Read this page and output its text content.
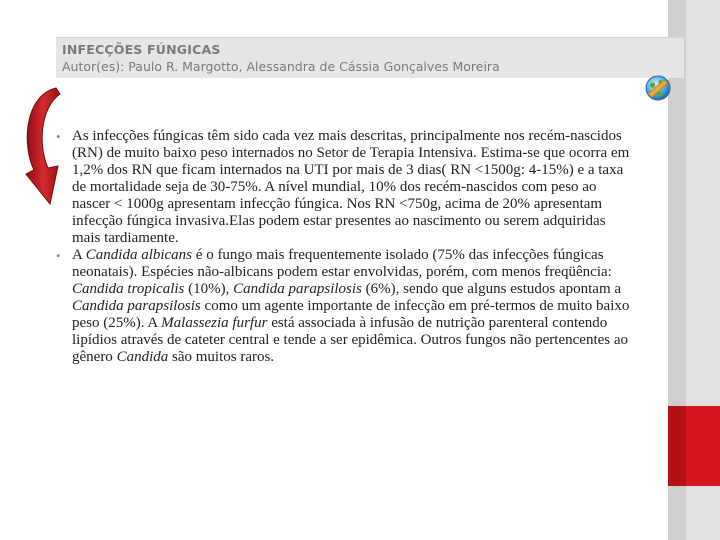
INFECÇÕES FÚNGICAS
Autor(es): Paulo R. Margotto, Alessandra de Cássia Gonçalves Moreira
• As infecções fúngicas têm sido cada vez mais descritas, principalmente nos recém-nascidos (RN) de muito baixo peso internados no Setor de Terapia Intensiva. Estima-se que ocorra em 1,2% dos RN que ficam internados na UTI por mais de 3 dias( RN <1500g: 4-15%) e a taxa de mortalidade seja de 30-75%. A nível mundial, 10% dos recém-nascidos com peso ao nascer < 1000g apresentam infecção fúngica. Nos RN <750g, acima de 20% apresentam infecção fúngica invasiva.Elas podem estar presentes ao nascimento ou serem adquiridas mais tardiamente.
• A Candida albicans é o fungo mais frequentemente isolado (75% das infecções fúngicas neonatais). Espécies não-albicans podem estar envolvidas, porém, com menos freqüência: Candida tropicalis (10%), Candida parapsilosis (6%), sendo que alguns estudos apontam a Candida parapsilosis como um agente importante de infecção em pré-termos de muito baixo peso (25%). A Malassezia furfur está associada à infusão de nutrição parenteral contendo lipídios através de cateter central e tende a ser epidêmica. Outros fungos não pertencentes ao gênero Candida são muitos raros.
